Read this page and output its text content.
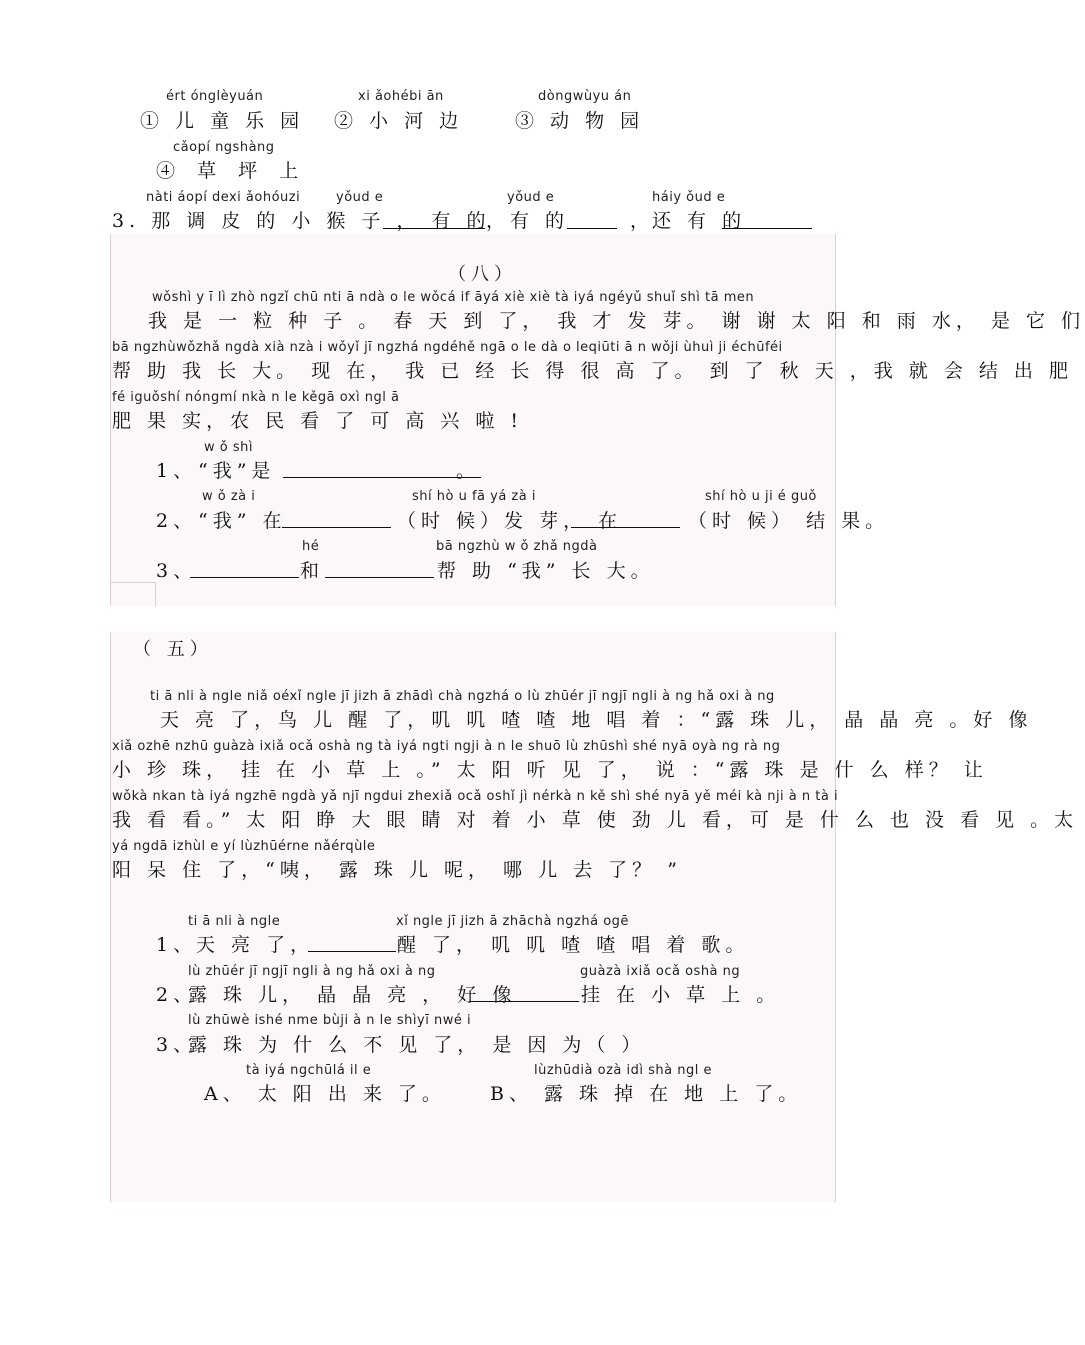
ért ónglèyuán	xi ǎohébi ān	dòngwùyu án
① 儿 童 乐 园 ② 小 河 边	③ 动 物 园
cǎopí ngshàng
④ 草 坪 上
nàti áopí dexi ǎohóuzi	yǒud e	yǒud e	háiy ǒud e
3. 那 调 皮 的 小 猴 子 ， 有 的
， 有 的	，
还 有 的
（八）
wǒshì y ī lì zhò ngzǐ chū nti ā ndà o le wǒcá if āyá xiè xiè tà iyá ngéyǔ shuǐ shì tā men
我 是 一 粒 种 子 。 春 天 到 了， 我 才 发 芽。 谢 谢 太 阳 和 雨 水， 是 它 们
bā ngzhùwǒzhǎ ngdà xià nzà i wǒyǐ jī ngzhá ngdéhě ngā o le dà o leqiūti ā n wǒji ùhuì ji échūféi
帮 助 我 长 大。 现 在， 我 已 经 长 得 很 高 了。 到 了 秋 天 ，我 就 会 结 出 肥
fé iguǒshí nóngmí nkà n le kěgā oxì ngl ā
肥 果 实，农 民 看 了 可 高 兴 啦 !
w ǒ shì
1、 “我”是	。
w ǒ zà i	shí hò u fā yá zà i	shí hò u ji é guǒ
2、 “我” 在	（时 候）发 芽， 在	（时 候） 结 果。
hé	bā ngzhù w ǒ zhǎ ngdà
3、	和	帮 助 “我” 长 大。
（ 五）
ti ā nli à ngle niǎ oéxǐ ngle jī jizh ā zhādì chà ngzhá o lù zhūér jī ngjī ngli à ng hǎ oxi à ng
天 亮 了，鸟 儿 醒 了，叽 叽 喳 喳 地 唱 着 ：“露 珠 儿， 晶 晶 亮 。好 像
xiǎ ozhē nzhū guàzà ixiǎ ocǎ oshà ng tà iyá ngti ngji à n le shuō lù zhūshì shé nyā oyà ng rà ng
小 珍 珠， 挂 在 小 草 上 。” 太 阳 听 见 了， 说 ：“露 珠 是 什 么 样？ 让
wǒkà nkan tà iyá ngzhē ngdà yǎ njī ngdui zhexiǎ ocǎ oshǐ jì nérkà n kě shì shé nyā yě méi kà nji à n tà i
我 看 看。” 太 阳 睁 大 眼 睛 对 着 小 草 使 劲 儿 看，可 是 什 么 也 没 看 见 。太
yá ngdā izhùl e yí lùzhūérne nǎérqùle
阳 呆 住 了，“咦， 露 珠 儿 呢， 哪 儿 去 了？ ”
ti ā nli à ngle	xǐ ngle jī jizh ā zhāchà ngzhá ogē
1、
天 亮 了，	醒 了， 叽 叽 喳 喳 唱 着 歌。
lù zhūér jī ngjī ngli à ng hǎ oxi à ng	guàzà ixiǎ ocǎ oshà ng
2、
露 珠 儿， 晶 晶 亮 ， 好 像	挂 在 小 草 上 。
lù zhūwè ishé nme bùji à n le shìyī nwé i
3、
露 珠 为 什 么 不 见 了， 是 因 为（ ）
tà iyá ngchūlá il e	lùzhūdià ozà idì shà ngl e
A、 太 阳 出 来 了。 B、 露 珠 掉 在 地 上 了。
